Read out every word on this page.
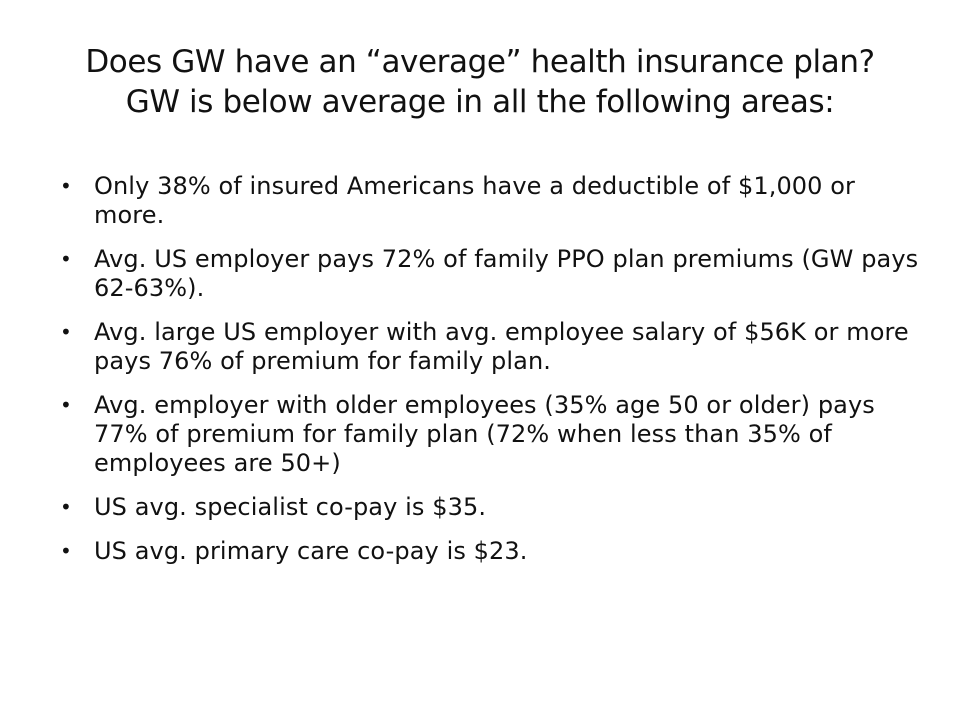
Does GW have an “average” health insurance plan?
GW is below average in all the following areas:
• Only 38% of insured Americans have a deductible of $1,000 or more.
• Avg. US employer pays 72% of family PPO plan premiums (GW pays 62-63%).
• Avg. large US employer with avg. employee salary of $56K or more pays 76% of premium for family plan.
• Avg. employer with older employees (35% age 50 or older) pays 77% of premium for family plan (72% when less than 35% of employees are 50+)
• US avg. specialist co-pay is $35.
• US avg. primary care co-pay is $23.
